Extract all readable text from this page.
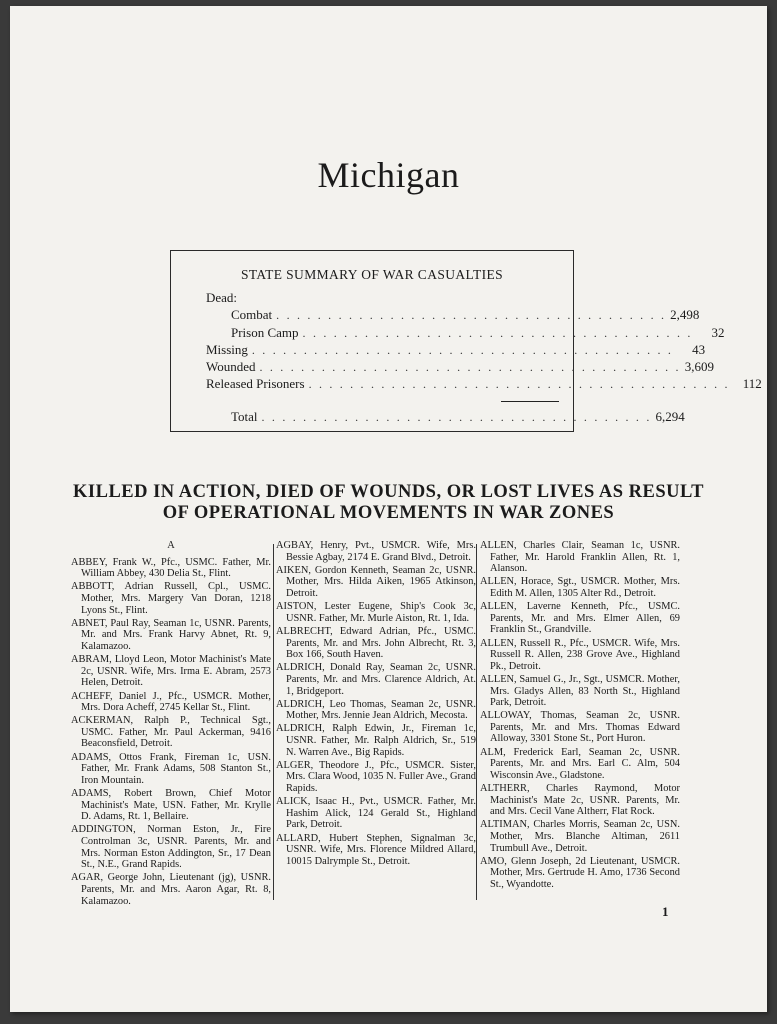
Michigan
STATE SUMMARY OF WAR CASUALTIES
Dead:
Combat . . . . . . . . . . . . . . . . . . . . . . . . . . . . . . . . . . . . . . 2,498
Prison Camp . . . . . . . . . . . . . . . . . . . . . . . . . . . . . . . . . . . . . .	32
Missing . . . . . . . . . . . . . . . . . . . . . . . . . . . . . . . . . . . . . . . . .	43
Wounded . . . . . . . . . . . . . . . . . . . . . . . . . . . . . . . . . . . . . . . . . 3,609
Released Prisoners . . . . . . . . . . . . . . . . . . . . . . . . . . . . . . . . . . . . . . . . . 112
Total . . . . . . . . . . . . . . . . . . . . . . . . . . . . . . . . . . . . . . 6,294
KILLED IN ACTION, DIED OF WOUNDS, OR LOST LIVES AS RESULT
OF OPERATIONAL MOVEMENTS IN WAR ZONES
A

ABBEY, Frank W., Pfc., USMC. Father, Mr. William Abbey, 430 Delia St., Flint.

ABBOTT, Adrian Russell, Cpl., USMC. Mother, Mrs. Margery Van Doran, 1218 Lyons St., Flint.

ABNET, Paul Ray, Seaman 1c, USNR. Parents, Mr. and Mrs. Frank Harvy Abnet, Rt. 9, Kalamazoo.

ABRAM, Lloyd Leon, Motor Machinist's Mate 2c, USNR. Wife, Mrs. Irma E. Abram, 2573 Helen, Detroit.

ACHEFF, Daniel J., Pfc., USMCR. Mother, Mrs. Dora Acheff, 2745 Kellar St., Flint.

ACKERMAN, Ralph P., Technical Sgt., USMC. Father, Mr. Paul Ackerman, 9416 Beaconsfield, Detroit.

ADAMS, Ottos Frank, Fireman 1c, USN. Father, Mr. Frank Adams, 508 Stanton St., Iron Mountain.

ADAMS, Robert Brown, Chief Motor Machinist's Mate, USN. Father, Mr. Krylle D. Adams, Rt. 1, Bellaire.

ADDINGTON, Norman Eston, Jr., Fire Controlman 3c, USNR. Parents, Mr. and Mrs. Norman Eston Addington, Sr., 17 Dean St., N.E., Grand Rapids.

AGAR, George John, Lieutenant (jg), USNR. Parents, Mr. and Mrs. Aaron Agar, Rt. 8, Kalamazoo.

AGBAY, Henry, Pvt., USMCR. Wife, Mrs. Bessie Agbay, 2174 E. Grand Blvd., Detroit.

AIKEN, Gordon Kenneth, Seaman 2c, USNR. Mother, Mrs. Hilda Aiken, 1965 Atkinson, Detroit.

AISTON, Lester Eugene, Ship's Cook 3c, USNR. Father, Mr. Murle Aiston, Rt. 1, Ida.

ALBRECHT, Edward Adrian, Pfc., USMC. Parents, Mr. and Mrs. John Albrecht, Rt. 3, Box 166, South Haven.

ALDRICH, Donald Ray, Seaman 2c, USNR. Parents, Mr. and Mrs. Clarence Aldrich, At. 1, Bridgeport.

ALDRICH, Leo Thomas, Seaman 2c, USNR. Mother, Mrs. Jennie Jean Aldrich, Mecosta.

ALDRICH, Ralph Edwin, Jr., Fireman 1c, USNR. Father, Mr. Ralph Aldrich, Sr., 519 N. Warren Ave., Big Rapids.

ALGER, Theodore J., Pfc., USMCR. Sister, Mrs. Clara Wood, 1035 N. Fuller Ave., Grand Rapids.

ALICK, Isaac H., Pvt., USMCR. Father, Mr. Hashim Alick, 124 Gerald St., Highland Park, Detroit.

ALLARD, Hubert Stephen, Signalman 3c, USNR. Wife, Mrs. Florence Mildred Allard, 10015 Dalrymple St., Detroit.

ALLEN, Charles Clair, Seaman 1c, USNR. Father, Mr. Harold Franklin Allen, Rt. 1, Alanson.

ALLEN, Horace, Sgt., USMCR. Mother, Mrs. Edith M. Allen, 1305 Alter Rd., Detroit.

ALLEN, Laverne Kenneth, Pfc., USMC. Parents, Mr. and Mrs. Elmer Allen, 69 Franklin St., Grandville.

ALLEN, Russell R., Pfc., USMCR. Wife, Mrs. Russell R. Allen, 238 Grove Ave., Highland Pk., Detroit.

ALLEN, Samuel G., Jr., Sgt., USMCR. Mother, Mrs. Gladys Allen, 83 North St., Highland Park, Detroit.

ALLOWAY, Thomas, Seaman 2c, USNR. Parents, Mr. and Mrs. Thomas Edward Alloway, 3301 Stone St., Port Huron.

ALM, Frederick Earl, Seaman 2c, USNR. Parents, Mr. and Mrs. Earl C. Alm, 504 Wisconsin Ave., Gladstone.

ALTHERR, Charles Raymond, Motor Machinist's Mate 2c, USNR. Parents, Mr. and Mrs. Cecil Vane Altherr, Flat Rock.

ALTIMAN, Charles Morris, Seaman 2c, USN. Mother, Mrs. Blanche Altiman, 2611 Trumbull Ave., Detroit.

AMO, Glenn Joseph, 2d Lieutenant, USMCR. Mother, Mrs. Gertrude H. Amo, 1736 Second St., Wyandotte.

1
